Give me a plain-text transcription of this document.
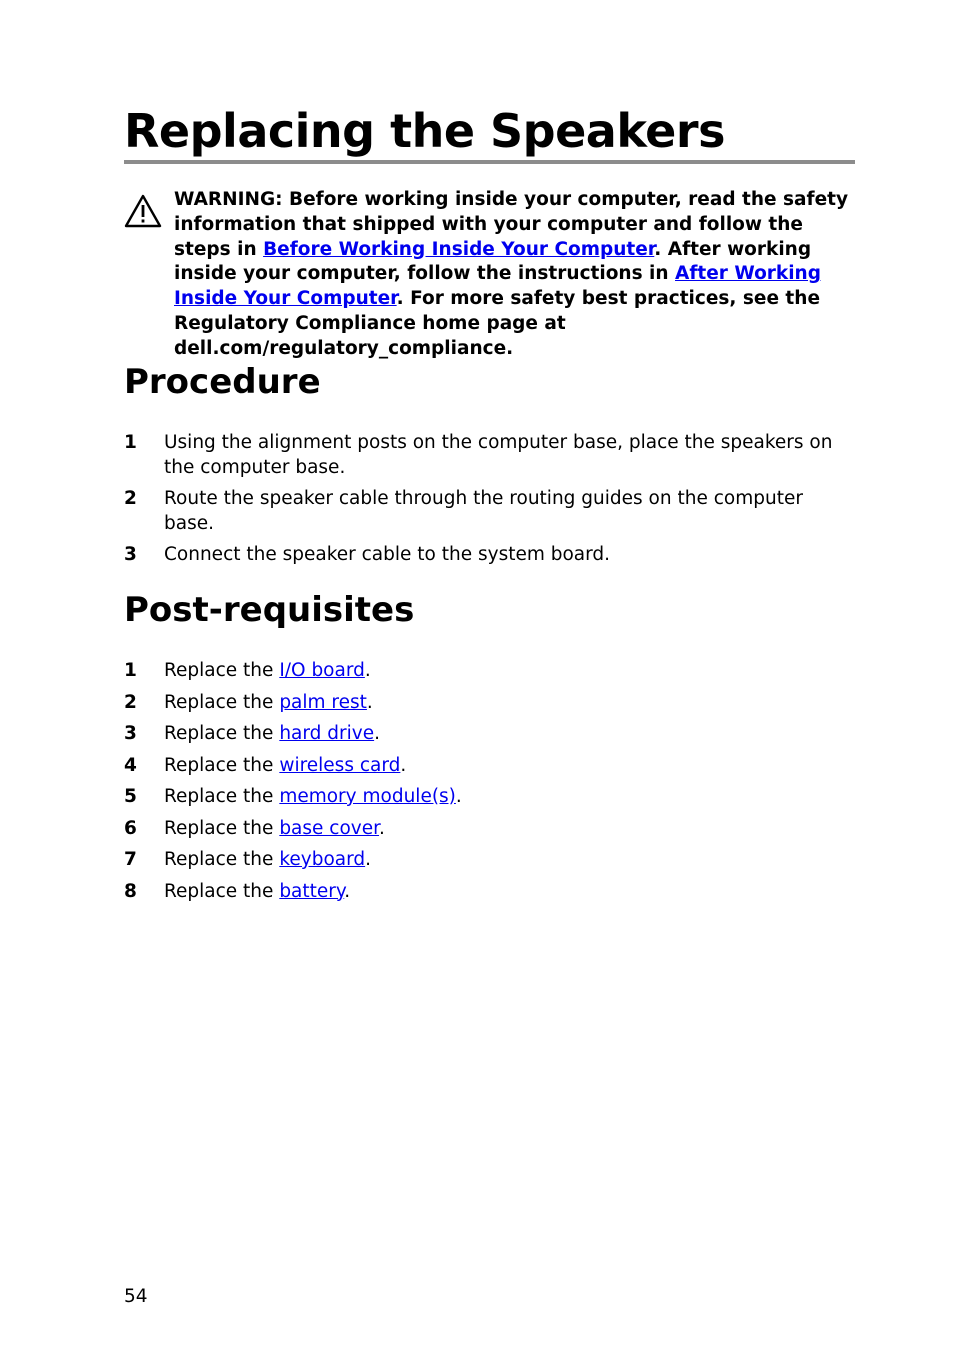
Replacing the Speakers
WARNING: Before working inside your computer, read the safety information that shipped with your computer and follow the steps in Before Working Inside Your Computer. After working inside your computer, follow the instructions in After Working Inside Your Computer. For more safety best practices, see the Regulatory Compliance home page at dell.com/regulatory_compliance.
Procedure
1 Using the alignment posts on the computer base, place the speakers on the computer base.
2 Route the speaker cable through the routing guides on the computer base.
3 Connect the speaker cable to the system board.
Post-requisites
1 Replace the I/O board.
2 Replace the palm rest.
3 Replace the hard drive.
4 Replace the wireless card.
5 Replace the memory module(s).
6 Replace the base cover.
7 Replace the keyboard.
8 Replace the battery.
54
